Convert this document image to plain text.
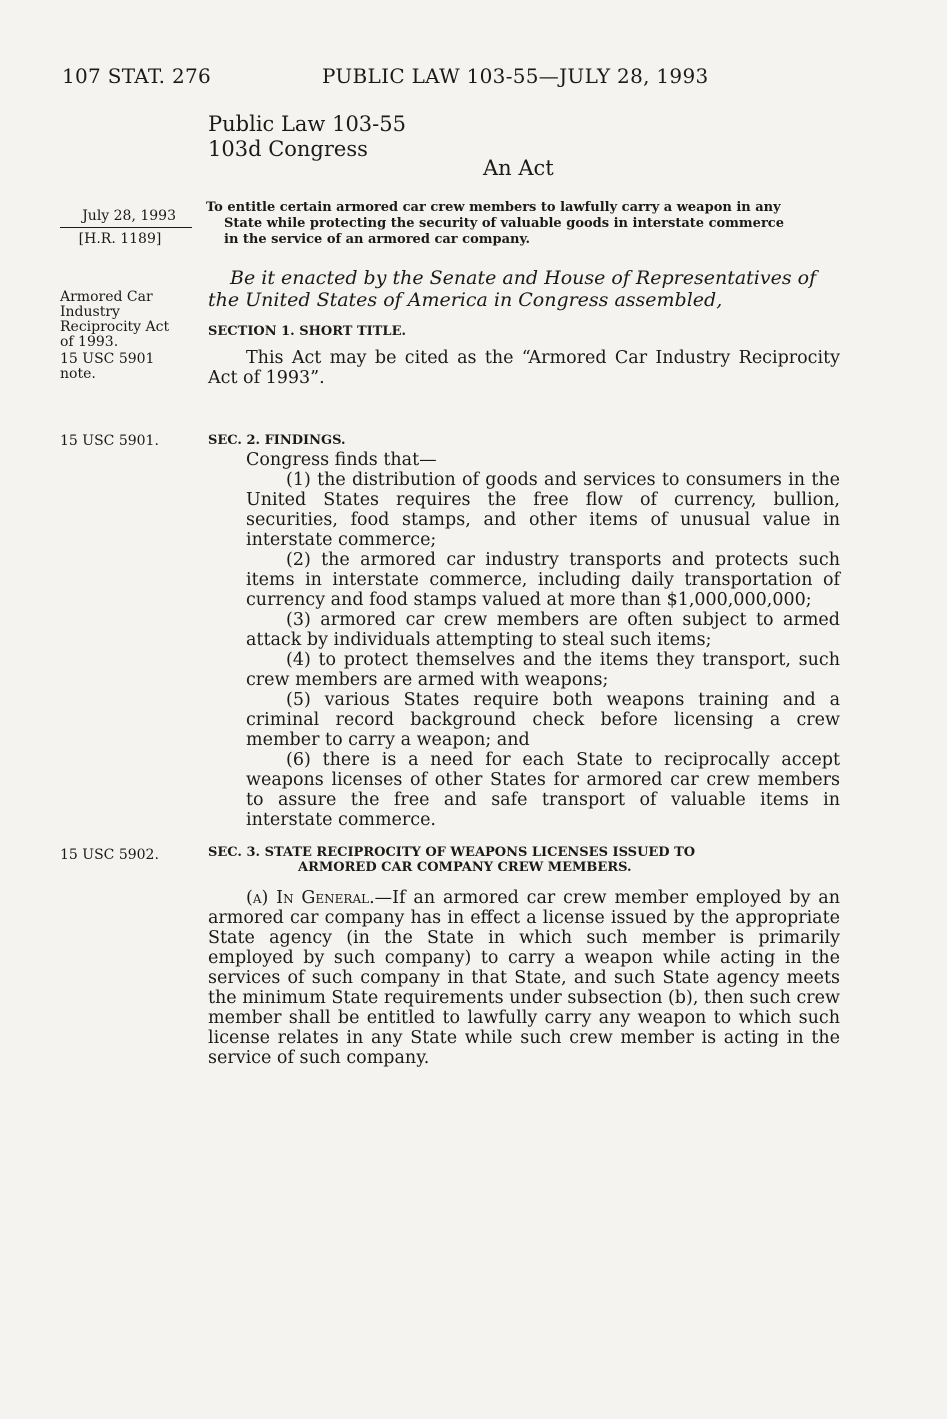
107 STAT. 276	PUBLIC LAW 103-55—JULY 28, 1993
Public Law 103-55
103d Congress
An Act
July 28, 1993
[H.R. 1189]
To entitle certain armored car crew members to lawfully carry a weapon in any
State while protecting the security of valuable goods in interstate commerce
in the service of an armored car company.
Armored Car
Industry
Reciprocity Act
of 1993.
15 USC 5901
note.

Be it enacted by the Senate and House of Representatives of the United States of America in Congress assembled,

SECTION 1. SHORT TITLE.

This Act may be cited as the “Armored Car Industry Reciprocity Act of 1993”.

15 USC 5901.	SEC. 2. FINDINGS.

Congress finds that—

(1) the distribution of goods and services to consumers in the United States requires the free flow of currency, bullion, securities, food stamps, and other items of unusual value in interstate commerce;

(2) the armored car industry transports and protects such items in interstate commerce, including daily transportation of currency and food stamps valued at more than $1,000,000,000;

(3) armored car crew members are often subject to armed attack by individuals attempting to steal such items;

(4) to protect themselves and the items they transport, such crew members are armed with weapons;

(5) various States require both weapons training and a criminal record background check before licensing a crew member to carry a weapon; and

(6) there is a need for each State to reciprocally accept weapons licenses of other States for armored car crew members to assure the free and safe transport of valuable items in interstate commerce.

15 USC 5902.	SEC. 3. STATE RECIPROCITY OF WEAPONS LICENSES ISSUED TO
ARMORED CAR COMPANY CREW MEMBERS.

(a) In General.—If an armored car crew member employed by an armored car company has in effect a license issued by the appropriate State agency (in the State in which such member is primarily employed by such company) to carry a weapon while acting in the services of such company in that State, and such State agency meets the minimum State requirements under subsection (b), then such crew member shall be entitled to lawfully carry any weapon to which such license relates in any State while such crew member is acting in the service of such company.
